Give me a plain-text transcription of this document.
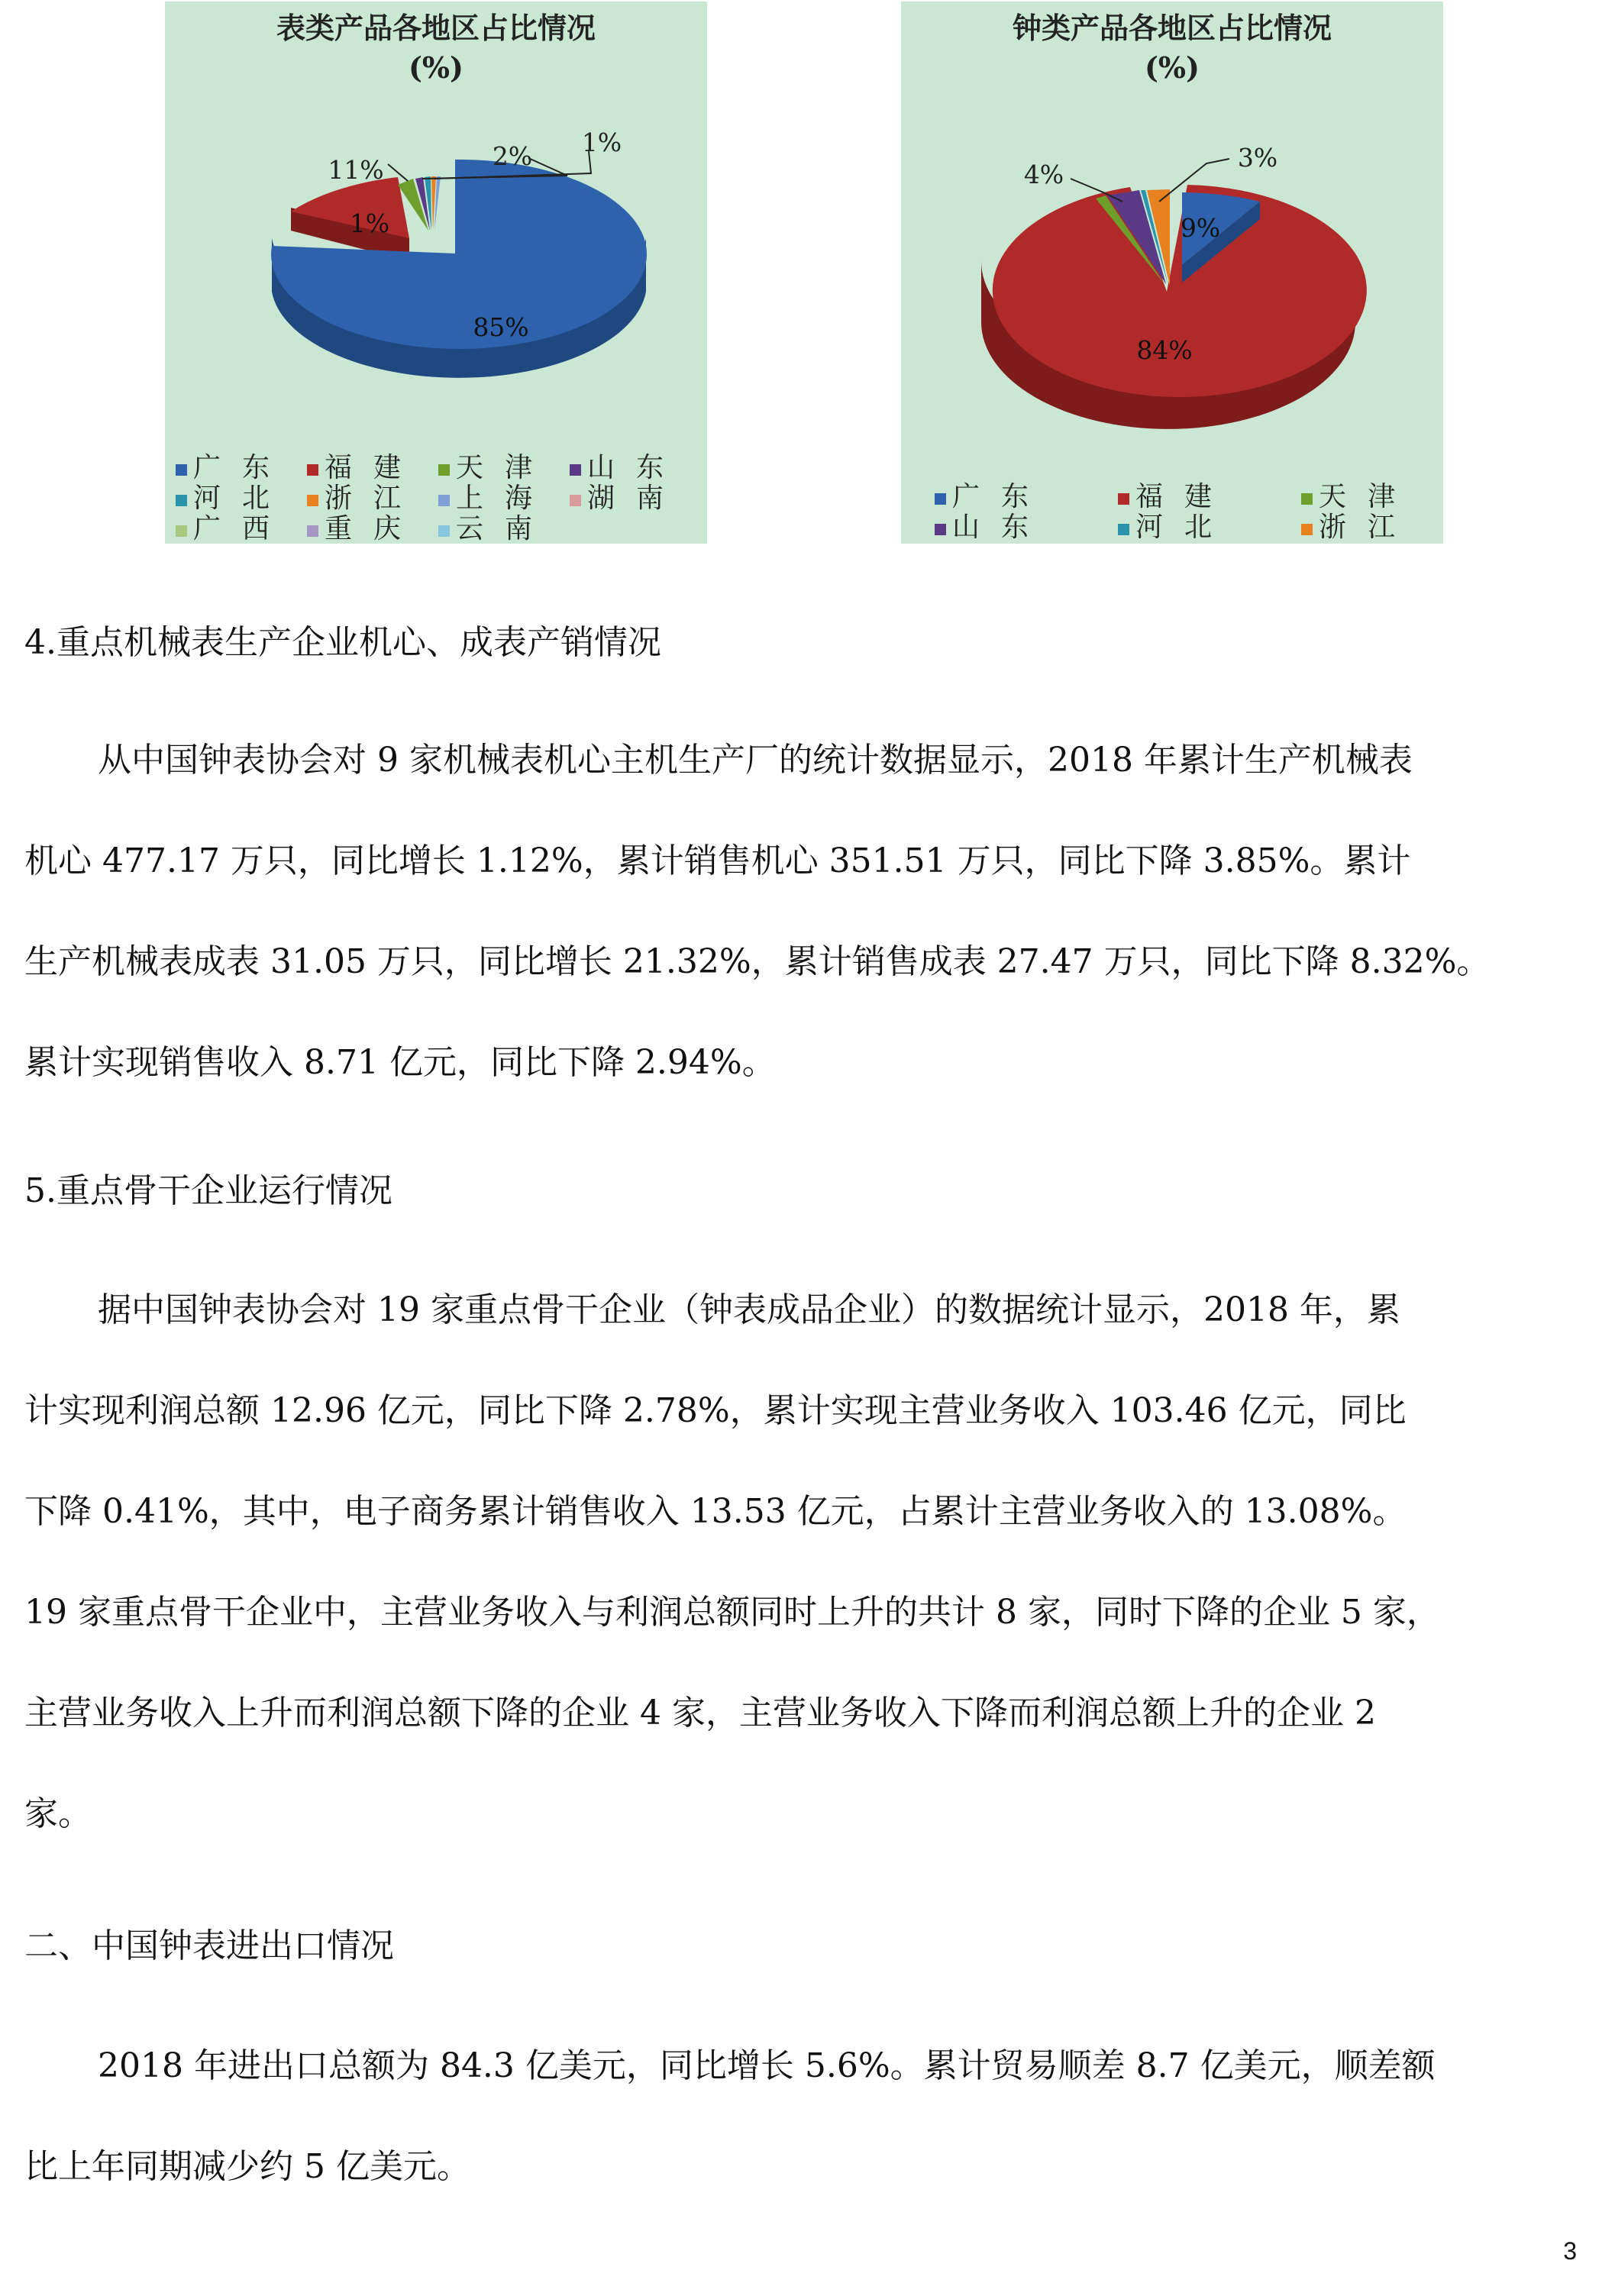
表类产品各地区占比情况
(%)
11%	2% 1%
1%
85%
广东	福建	天津	山东
河北	浙江	上海	湖南
广西	重庆	云南
钟类产品各地区占比情况
(%)
4%
3%
9%
84%
广东	福建	天津
山东	河北	浙江
4.重点机械表生产企业机心、成表产销情况
从中国钟表协会对 9 家机械表机心主机生产厂的统计数据显示，2018 年累计生产机械表
机心 477.17 万只，同比增长 1.12%，累计销售机心 351.51 万只，同比下降 3.85%。累计
生产机械表成表 31.05 万只，同比增长 21.32%，累计销售成表 27.47 万只，同比下降 8.32%。
累计实现销售收入 8.71 亿元，同比下降 2.94%。
5.重点骨干企业运行情况
据中国钟表协会对 19 家重点骨干企业（钟表成品企业）的数据统计显示，2018 年，累
计实现利润总额 12.96 亿元，同比下降 2.78%，累计实现主营业务收入 103.46 亿元，同比
下降 0.41%，其中，电子商务累计销售收入 13.53 亿元，占累计主营业务收入的 13.08%。
19 家重点骨干企业中，主营业务收入与利润总额同时上升的共计 8 家，同时下降的企业 5 家，
主营业务收入上升而利润总额下降的企业 4 家，主营业务收入下降而利润总额上升的企业 2
家。
二、中国钟表进出口情况
2018 年进出口总额为 84.3 亿美元，同比增长 5.6%。累计贸易顺差 8.7 亿美元，顺差额
比上年同期减少约 5 亿美元。
3
